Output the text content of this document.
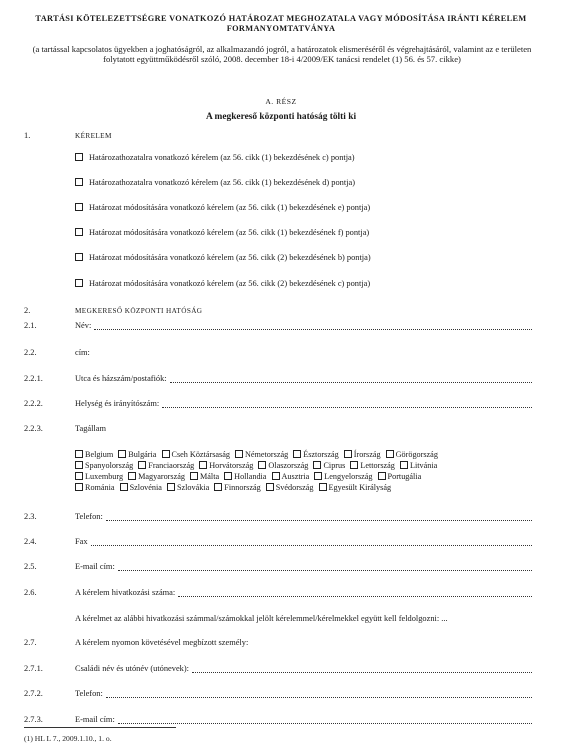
TARTÁSI KÖTELEZETTSÉGRE VONATKOZÓ HATÁROZAT MEGHOZATALA VAGY MÓDOSÍTÁSA IRÁNTI KÉRELEM
FORMANYOMTATVÁNYA
(a tartással kapcsolatos ügyekben a joghatóságról, az alkalmazandó jogról, a határozatok elismeréséről és végrehajtásáról, valamint az e területen folytatott együttműködésről szóló, 2008. december 18-i 4/2009/EK tanácsi rendelet (1) 56. és 57. cikke)
A. RÉSZ
A megkereső központi hatóság tölti ki
1.	KÉRELEM
Határozathozatalra vonatkozó kérelem (az 56. cikk (1) bekezdésének c) pontja)
Határozathozatalra vonatkozó kérelem (az 56. cikk (1) bekezdésének d) pontja)
Határozat módosítására vonatkozó kérelem (az 56. cikk (1) bekezdésének e) pontja)
Határozat módosítására vonatkozó kérelem (az 56. cikk (1) bekezdésének f) pontja)
Határozat módosítására vonatkozó kérelem (az 56. cikk (2) bekezdésének b) pontja)
Határozat módosítására vonatkozó kérelem (az 56. cikk (2) bekezdésének c) pontja)
2.	MEGKERESŐ KÖZPONTI HATÓSÁG
2.1.	Név:
2.2.	cím:
2.2.1.	Utca és házszám/postafiók:
2.2.2.	Helység és irányítószám:
2.2.3.	Tagállam
Belgium Bulgária Cseh Köztársaság Németország Észtország Írország Görögország
Spanyolország Franciaország Horvátország Olaszország Ciprus Lettország Litvánia
Luxemburg Magyarország Málta Hollandia Ausztria Lengyelország Portugália
Románia Szlovénia Szlovákia Finnország Svédország Egyesült Királyság
2.3.	Telefon:
2.4.	Fax
2.5.	E-mail cím:
2.6.	A kérelem hivatkozási száma:
A kérelmet az alábbi hivatkozási számmal/számokkal jelölt kérelemmel/kérelmekkel együtt kell feldolgozni: ...
2.7.	A kérelem nyomon követésével megbízott személy:
2.7.1.	Családi név és utónév (utónevek):
2.7.2.	Telefon:
2.7.3.	E-mail cím:
(1) HL L 7., 2009.1.10., 1. o.
